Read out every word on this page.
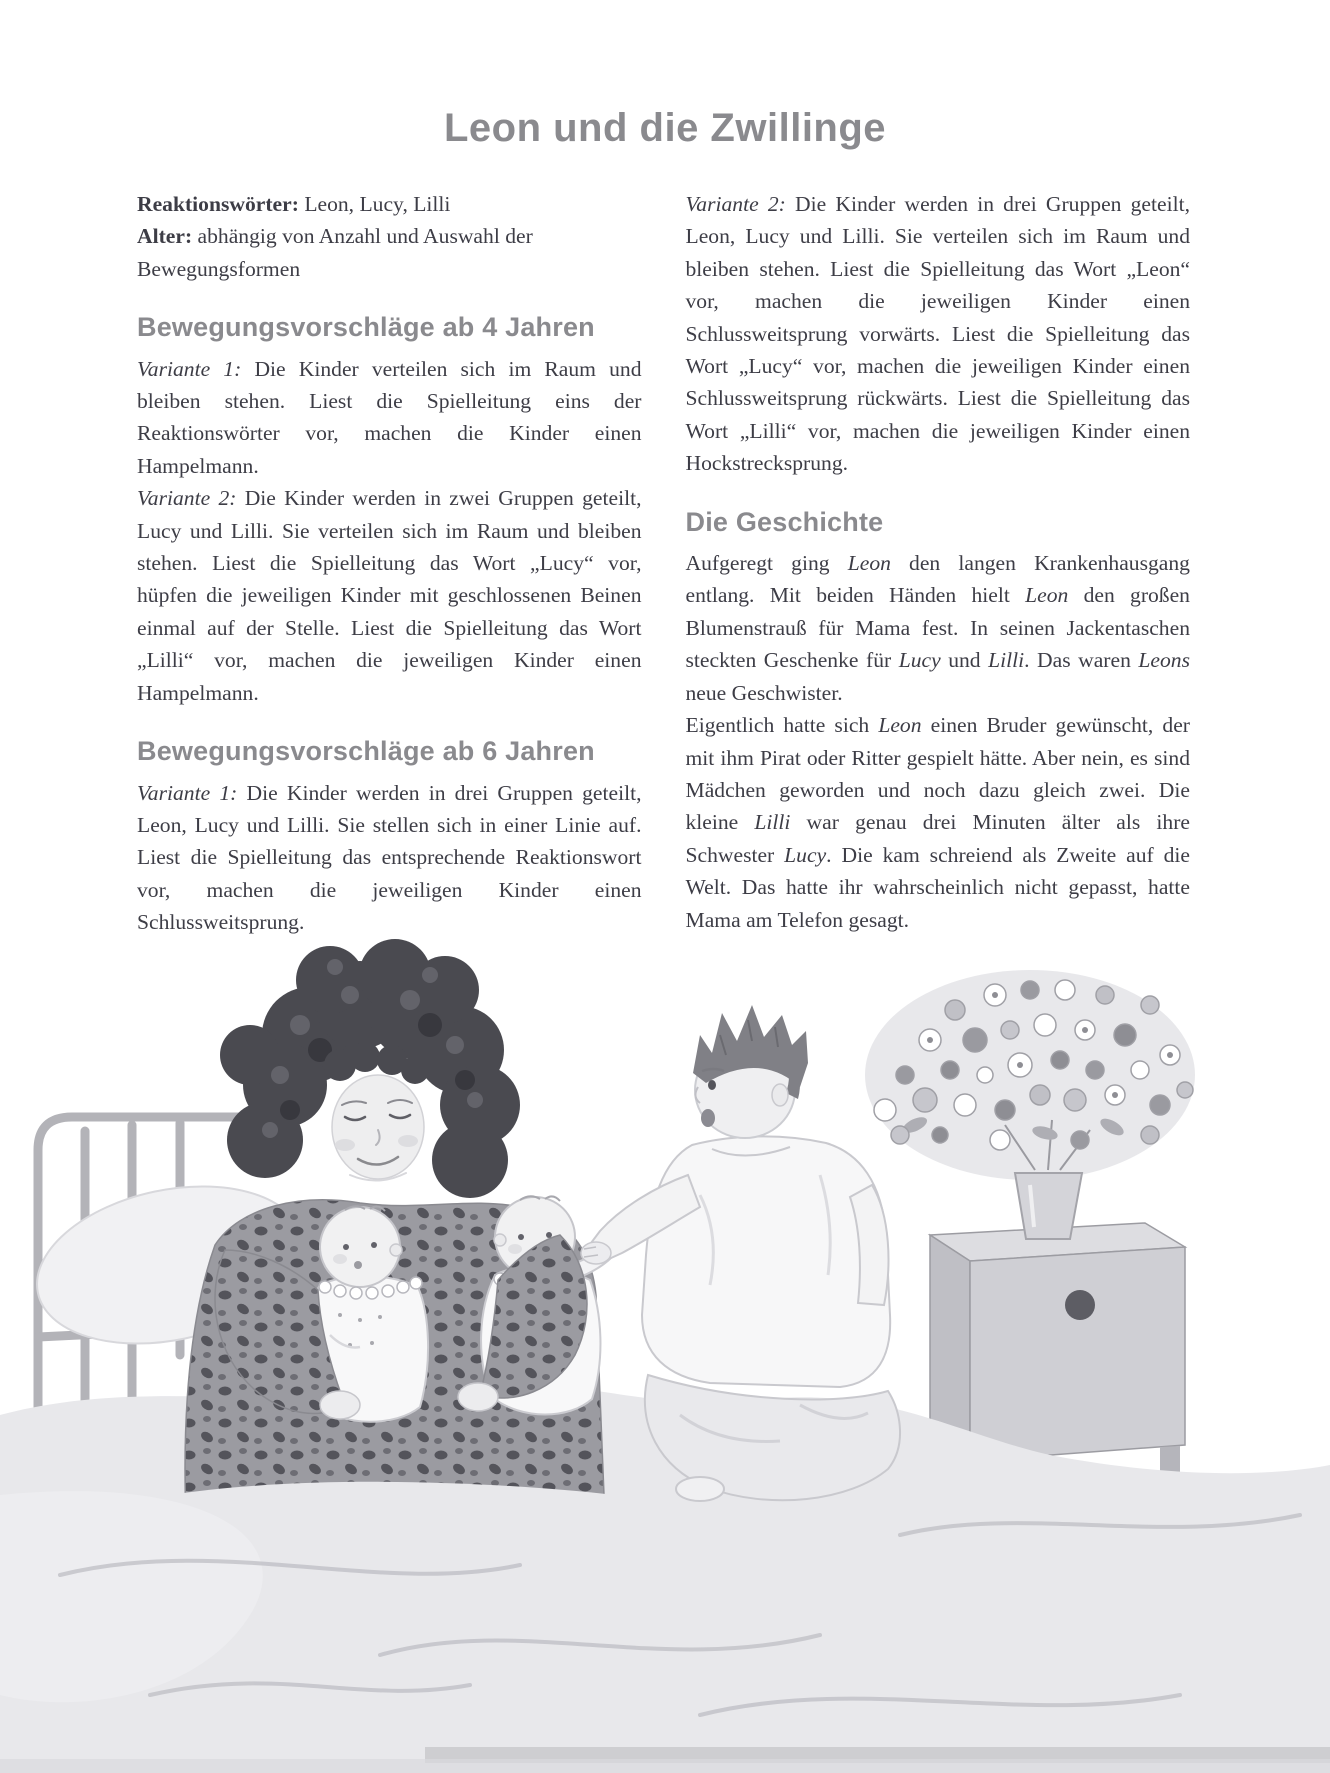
Leon und die Zwillinge

Reaktionswörter: Leon, Lucy, Lilli

Alter: abhängig von Anzahl und Auswahl der Bewegungsformen

Bewegungsvorschläge ab 4 Jahren

Variante 1: Die Kinder verteilen sich im Raum und bleiben stehen. Liest die Spielleitung eins der Reaktionswörter vor, machen die Kinder einen Hampelmann.

Variante 2: Die Kinder werden in zwei Gruppen geteilt, Lucy und Lilli. Sie verteilen sich im Raum und bleiben stehen. Liest die Spielleitung das Wort „Lucy“ vor, hüpfen die jeweiligen Kinder mit geschlossenen Beinen einmal auf der Stelle. Liest die Spielleitung das Wort „Lilli“ vor, machen die jeweiligen Kinder einen Hampelmann.

Bewegungsvorschläge ab 6 Jahren

Variante 1: Die Kinder werden in drei Gruppen geteilt, Leon, Lucy und Lilli. Sie stellen sich in einer Linie auf. Liest die Spielleitung das entsprechende Reaktionswort vor, machen die jeweiligen Kinder einen Schlussweitsprung.

Variante 2: Die Kinder werden in drei Gruppen geteilt, Leon, Lucy und Lilli. Sie verteilen sich im Raum und bleiben stehen. Liest die Spielleitung das Wort „Leon“ vor, machen die jeweiligen Kinder einen Schlussweitsprung vorwärts. Liest die Spielleitung das Wort „Lucy“ vor, machen die jeweiligen Kinder einen Schlussweitsprung rückwärts. Liest die Spielleitung das Wort „Lilli“ vor, machen die jeweiligen Kinder einen Hockstrecksprung.

Die Geschichte

Aufgeregt ging Leon den langen Krankenhausgang entlang. Mit beiden Händen hielt Leon den großen Blumenstrauß für Mama fest. In seinen Jackentaschen steckten Geschenke für Lucy und Lilli. Das waren Leons neue Geschwister.

Eigentlich hatte sich Leon einen Bruder gewünscht, der mit ihm Pirat oder Ritter gespielt hätte. Aber nein, es sind Mädchen geworden und noch dazu gleich zwei. Die kleine Lilli war genau drei Minuten älter als ihre Schwester Lucy. Die kam schreiend als Zweite auf die Welt. Das hatte ihr wahrscheinlich nicht gepasst, hatte Mama am Telefon gesagt.
